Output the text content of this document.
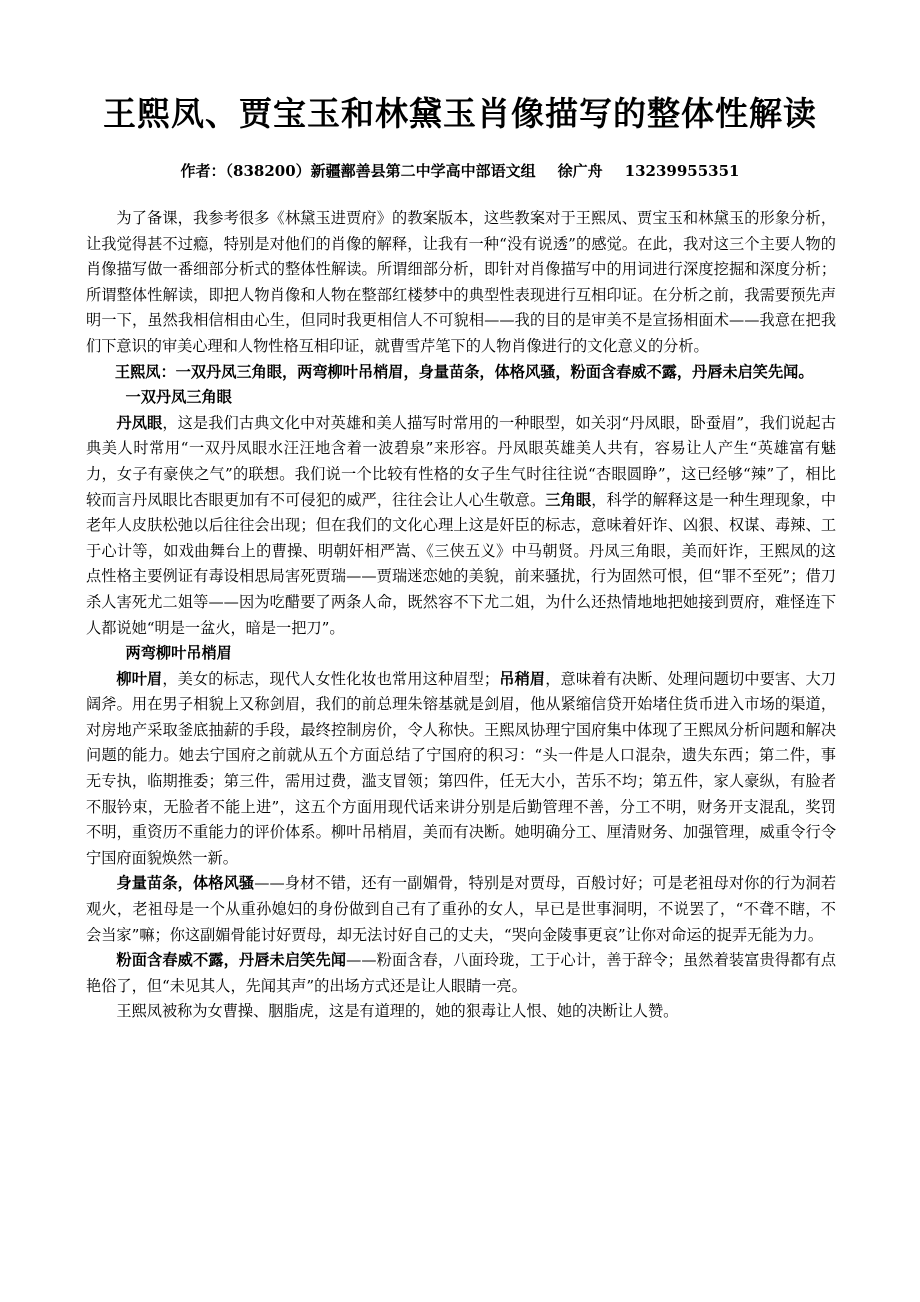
王熙凤、贾宝玉和林黛玉肖像描写的整体性解读

作者：（838200）新疆鄯善县第二中学高中部语文组 徐广舟 13239955351

为了备课，我参考很多《林黛玉进贾府》的教案版本，这些教案对于王熙凤、贾宝玉和林黛玉的形象分析，让我觉得甚不过瘾，特别是对他们的肖像的解释，让我有一种“没有说透”的感觉。在此，我对这三个主要人物的肖像描写做一番细部分析式的整体性解读。所谓细部分析，即针对肖像描写中的用词进行深度挖掘和深度分析；所谓整体性解读，即把人物肖像和人物在整部红楼梦中的典型性表现进行互相印证。在分析之前，我需要预先声明一下，虽然我相信相由心生，但同时我更相信人不可貌相——我的目的是审美不是宣扬相面术——我意在把我们下意识的审美心理和人物性格互相印证，就曹雪芹笔下的人物肖像进行的文化意义的分析。

王熙凤：一双丹凤三角眼，两弯柳叶吊梢眉，身量苗条，体格风骚，粉面含春威不露，丹唇未启笑先闻。

一双丹凤三角眼

丹凤眼，这是我们古典文化中对英雄和美人描写时常用的一种眼型，如关羽“丹凤眼，卧蚕眉”，我们说起古典美人时常用“一双丹凤眼水汪汪地含着一波碧泉”来形容。丹凤眼英雄美人共有，容易让人产生“英雄富有魅力，女子有豪侠之气”的联想。我们说一个比较有性格的女子生气时往往说“杏眼圆睁”，这已经够“辣”了，相比较而言丹凤眼比杏眼更加有不可侵犯的威严，往往会让人心生敬意。三角眼，科学的解释这是一种生理现象，中老年人皮肤松弛以后往往会出现；但在我们的文化心理上这是奸臣的标志，意味着奸诈、凶狠、权谋、毒辣、工于心计等，如戏曲舞台上的曹操、明朝奸相严嵩、《三侠五义》中马朝贤。丹凤三角眼，美而奸诈，王熙凤的这点性格主要例证有毒设相思局害死贾瑞——贾瑞迷恋她的美貌，前来骚扰，行为固然可恨，但“罪不至死”；借刀杀人害死尤二姐等——因为吃醋要了两条人命，既然容不下尤二姐，为什么还热情地地把她接到贾府，难怪连下人都说她“明是一盆火，暗是一把刀”。

两弯柳叶吊梢眉

柳叶眉，美女的标志，现代人女性化妆也常用这种眉型；吊稍眉，意味着有决断、处理问题切中要害、大刀阔斧。用在男子相貌上又称剑眉，我们的前总理朱镕基就是剑眉，他从紧缩信贷开始堵住货币进入市场的渠道，对房地产采取釜底抽薪的手段，最终控制房价，令人称快。王熙凤协理宁国府集中体现了王熙凤分析问题和解决问题的能力。她去宁国府之前就从五个方面总结了宁国府的积习：“头一件是人口混杂，遗失东西；第二件，事无专执，临期推委；第三件，需用过费，滥支冒领；第四件，任无大小，苦乐不均；第五件，家人豪纵，有脸者不服钤束，无脸者不能上进”，这五个方面用现代话来讲分别是后勤管理不善，分工不明，财务开支混乱，奖罚不明，重资历不重能力的评价体系。柳叶吊梢眉，美而有决断。她明确分工、厘清财务、加强管理，威重令行令宁国府面貌焕然一新。

身量苗条，体格风骚——身材不错，还有一副媚骨，特别是对贾母，百般讨好；可是老祖母对你的行为洞若观火，老祖母是一个从重孙媳妇的身份做到自己有了重孙的女人，早已是世事洞明，不说罢了，“不聋不瞎，不会当家”嘛；你这副媚骨能讨好贾母，却无法讨好自己的丈夫，“哭向金陵事更哀”让你对命运的捉弄无能为力。

粉面含春威不露，丹唇未启笑先闻——粉面含春，八面玲珑，工于心计，善于辞令；虽然着装富贵得都有点艳俗了，但“未见其人，先闻其声”的出场方式还是让人眼睛一亮。

王熙凤被称为女曹操、胭脂虎，这是有道理的，她的狠毒让人恨、她的决断让人赞。
